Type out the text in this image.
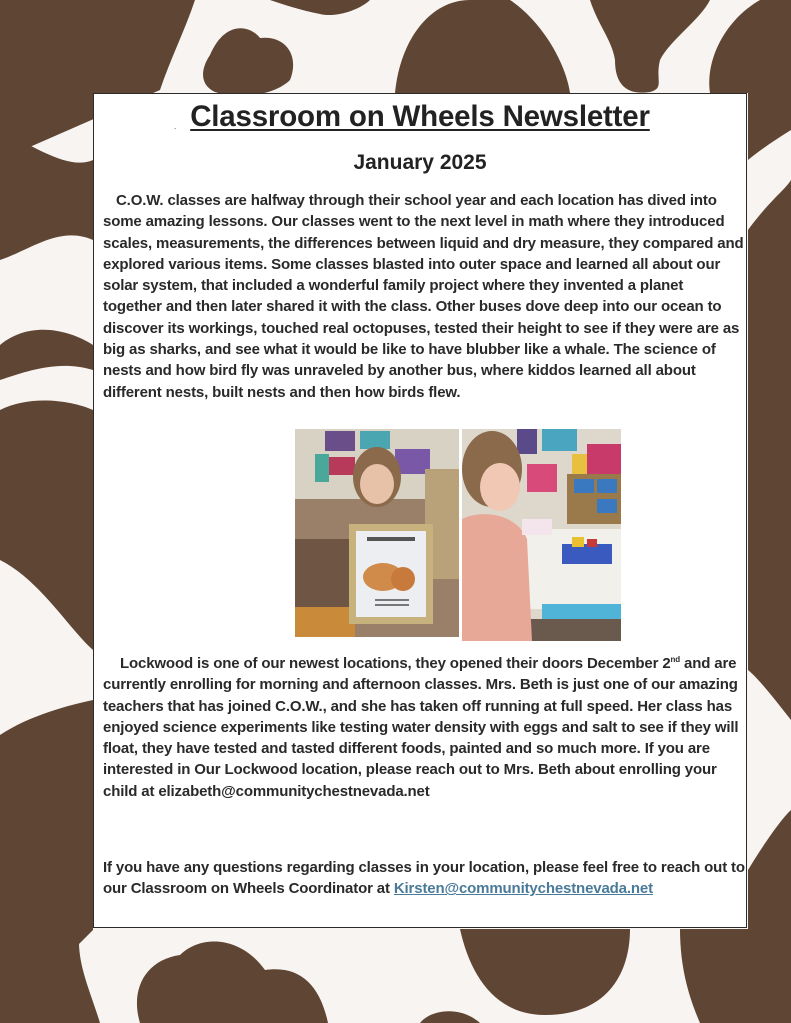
. Classroom on Wheels Newsletter
January 2025

C.O.W. classes are halfway through their school year and each location has dived into some amazing lessons. Our classes went to the next level in math where they introduced scales, measurements, the differences between liquid and dry measure, they compared and explored various items. Some classes blasted into outer space and learned all about our solar system, that included a wonderful family project where they invented a planet together and then later shared it with the class. Other buses dove deep into our ocean to discover its workings, touched real octopuses, tested their height to see if they were are as big as sharks, and see what it would be like to have blubber like a whale. The science of nests and how bird fly was unraveled by another bus, where kiddos learned all about different nests, built nests and then how birds flew.

Lockwood is one of our newest locations, they opened their doors December 2nd and are currently enrolling for morning and afternoon classes. Mrs. Beth is just one of our amazing teachers that has joined C.O.W., and she has taken off running at full speed. Her class has enjoyed science experiments like testing water density with eggs and salt to see if they will float, they have tested and tasted different foods, painted and so much more. If you are interested in Our Lockwood location, please reach out to Mrs. Beth about enrolling your child at elizabeth@communitychestnevada.net

If you have any questions regarding classes in your location, please feel free to reach out to our Classroom on Wheels Coordinator at Kirsten@communitychestnevada.net
